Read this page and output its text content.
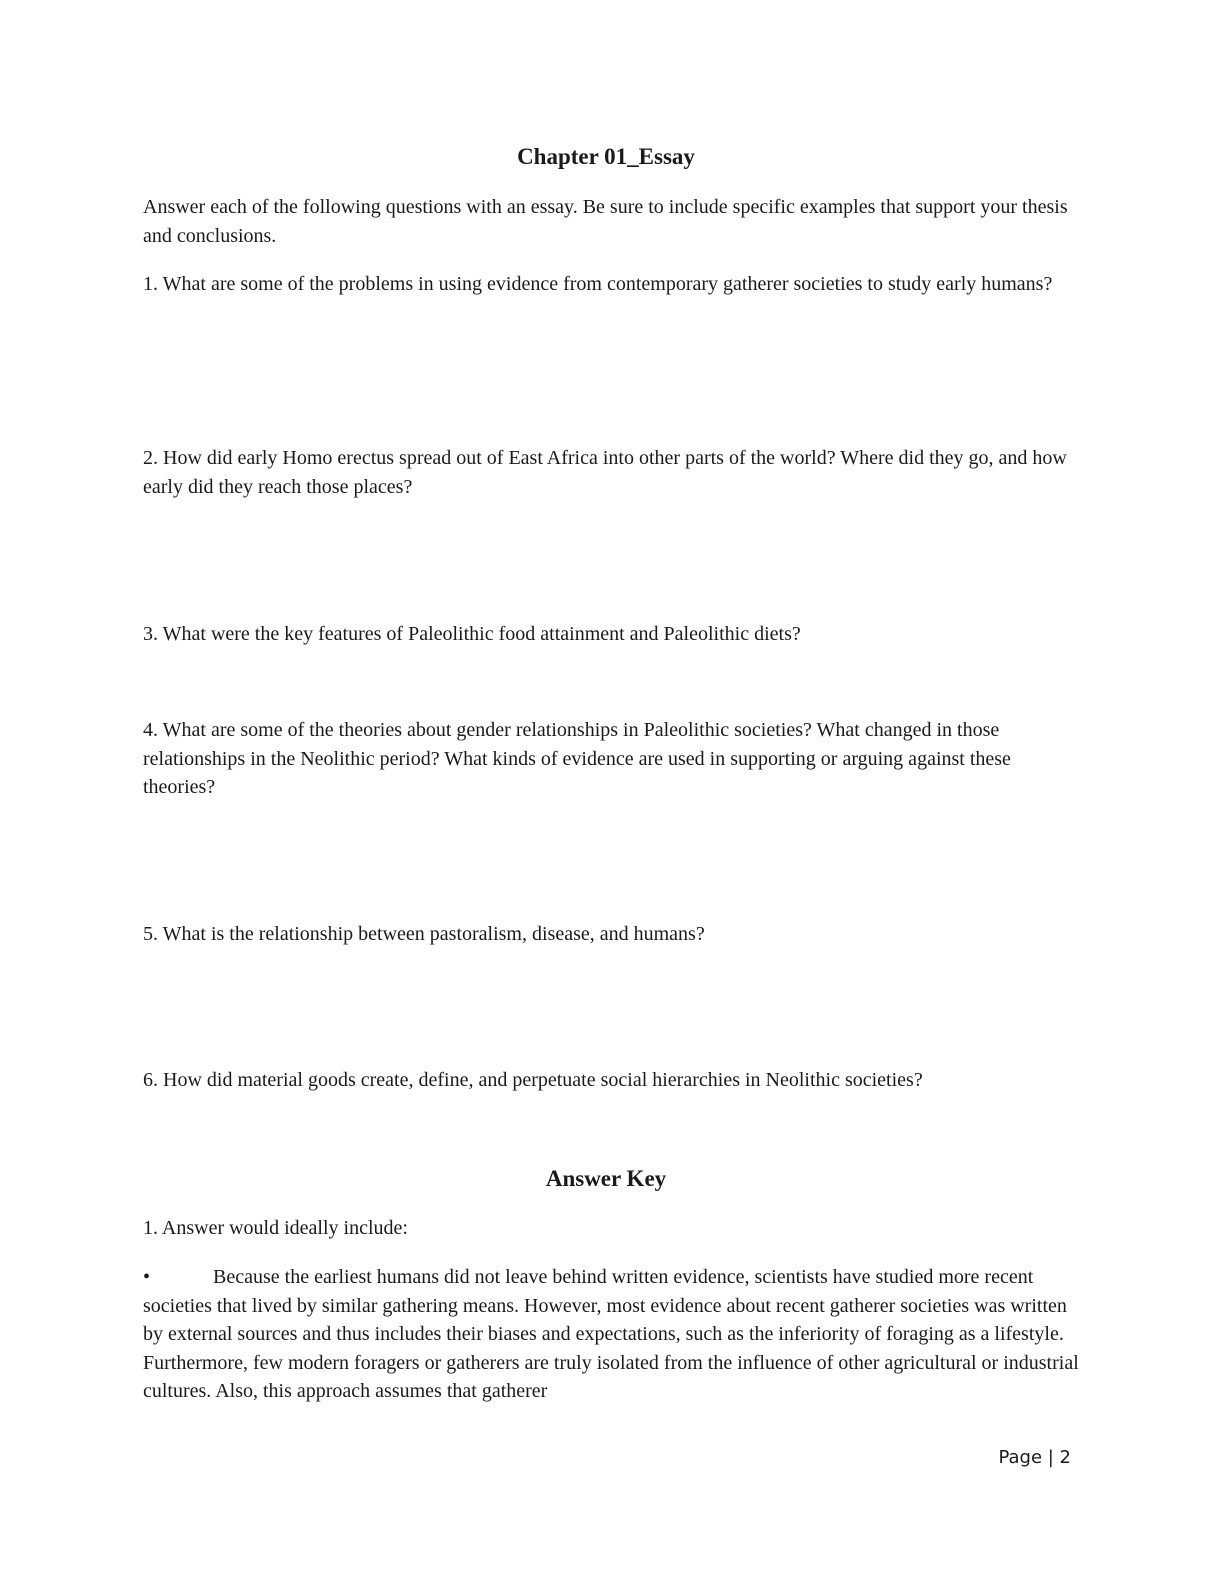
Chapter 01_Essay
Answer each of the following questions with an essay. Be sure to include specific examples that support your thesis and conclusions.
1. What are some of the problems in using evidence from contemporary gatherer societies to study early humans?
2. How did early Homo erectus spread out of East Africa into other parts of the world? Where did they go, and how early did they reach those places?
3. What were the key features of Paleolithic food attainment and Paleolithic diets?
4. What are some of the theories about gender relationships in Paleolithic societies? What changed in those relationships in the Neolithic period? What kinds of evidence are used in supporting or arguing against these theories?
5. What is the relationship between pastoralism, disease, and humans?
6. How did material goods create, define, and perpetuate social hierarchies in Neolithic societies?
Answer Key
1. Answer would ideally include:
•	Because the earliest humans did not leave behind written evidence, scientists have studied more recent societies that lived by similar gathering means. However, most evidence about recent gatherer societies was written by external sources and thus includes their biases and expectations, such as the inferiority of foraging as a lifestyle. Furthermore, few modern foragers or gatherers are truly isolated from the influence of other agricultural or industrial cultures. Also, this approach assumes that gatherer
Page | 2
